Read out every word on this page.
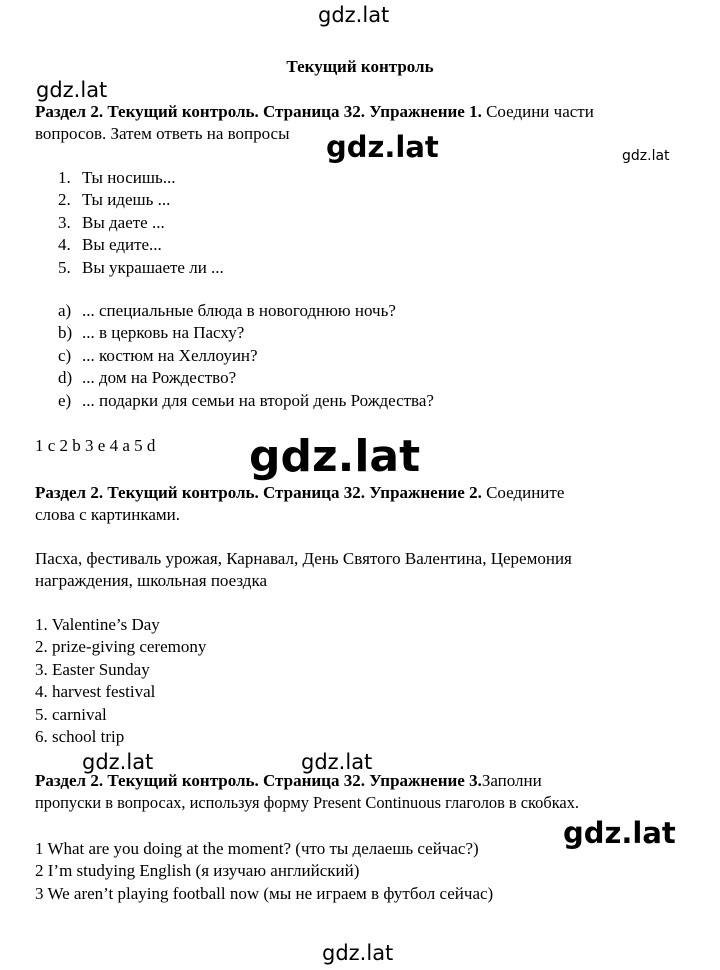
gdz.lat
gdz.lat
gdz.lat	gdz.lat
gdz.lat
gdz.lat	gdz.lat
gdz.lat
gdz.lat
Текущий контроль
Раздел 2. Текущий контроль. Страница 32. Упражнение 1. Соедини части
вопросов. Затем ответь на вопросы
1. Ты носишь...
2. Ты идешь ...
3. Вы даете ...
4. Вы едите...
5. Вы украшаете ли ...
a) ... специальные блюда в новогоднюю ночь?
b) ... в церковь на Пасху?
c) ... костюм на Хеллоуин?
d) ... дом на Рождество?
e) ... подарки для семьи на второй день Рождества?
1 c 2 b 3 e 4 a 5 d
Раздел 2. Текущий контроль. Страница 32. Упражнение 2. Соедините
слова с картинками.
Пасха, фестиваль урожая, Карнавал, День Святого Валентина, Церемония
награждения, школьная поездка
1. Valentine’s Day
2. prize-giving ceremony
3. Easter Sunday
4. harvest festival
5. carnival
6. school trip
Раздел 2. Текущий контроль. Страница 32. Упражнение 3.Заполни
пропуски в вопросах, используя форму Present Continuous глаголов в скобках.
1 What are you doing at the moment? (что ты делаешь сейчас?)
2 I’m studying English (я изучаю английский)
3 We aren’t playing football now (мы не играем в футбол сейчас)
